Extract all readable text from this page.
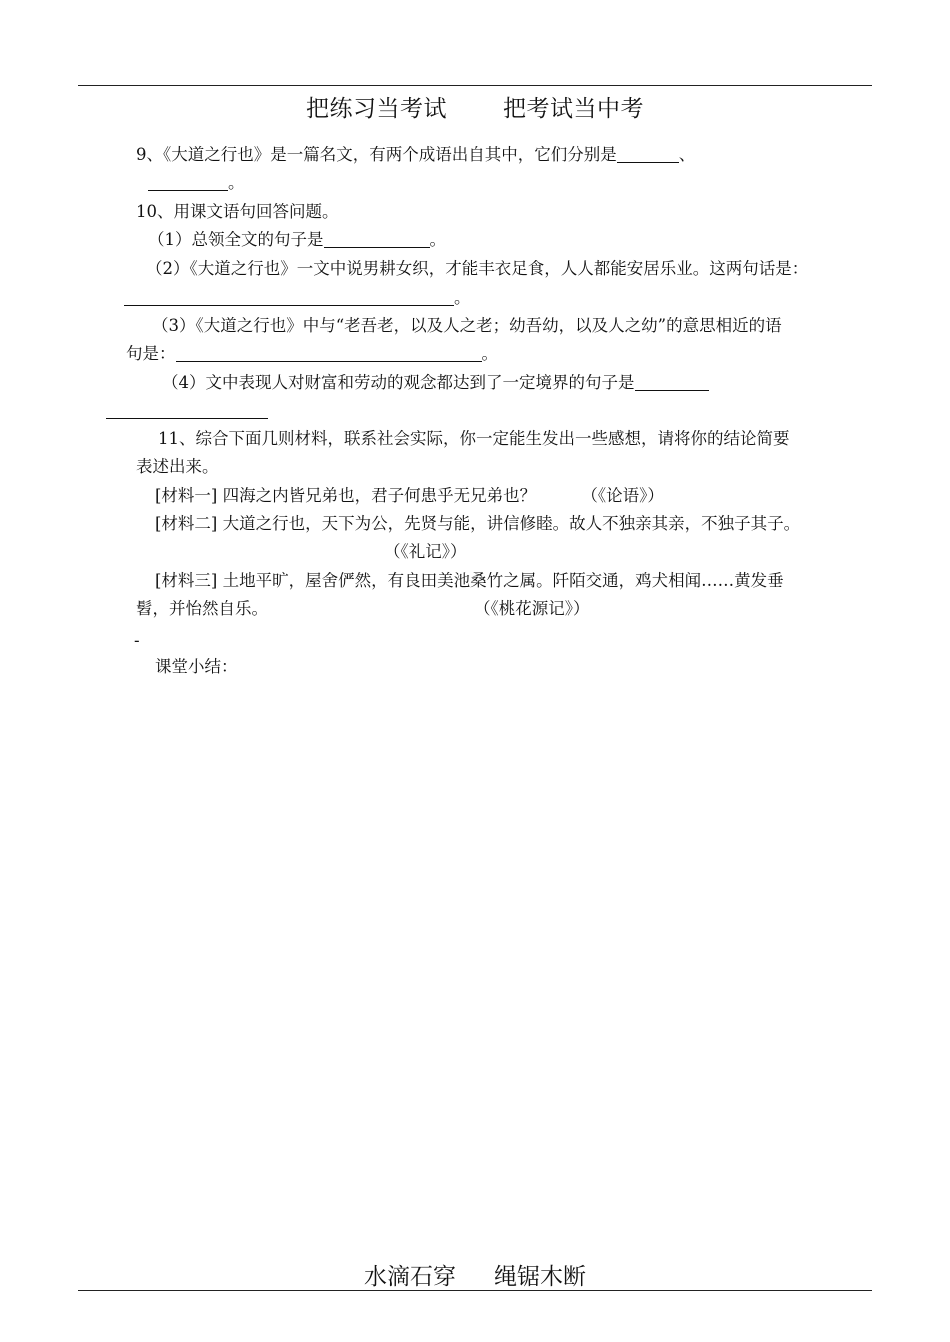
把练习当考试 把考试当中考
9、《大道之行也》是一篇名文，有两个成语出自其中，它们分别是	、
。
10、用课文语句回答问题。
（1）总领全文的句子是	。
（2）《大道之行也》一文中说男耕女织，才能丰衣足食，人人都能安居乐业。这两句话是：
。
（3）《大道之行也》中与“老吾老，以及人之老；幼吾幼，以及人之幼”的意思相近的语
句是：	。
（4）文中表现人对财富和劳动的观念都达到了一定境界的句子是
11、综合下面几则材料，联系社会实际，你一定能生发出一些感想，请将你的结论简要
表述出来。
[材料一] 四海之内皆兄弟也，君子何患乎无兄弟也？	（《论语》）
[材料二] 大道之行也，天下为公，先贤与能，讲信修睦。故人不独亲其亲，不独子其子。
（《礼记》）
[材料三] 土地平旷，屋舍俨然，有良田美池桑竹之属。阡陌交通，鸡犬相闻……黄发垂
髫，并怡然自乐。	（《桃花源记》）
-
课堂小结：
水滴石穿 绳锯木断
